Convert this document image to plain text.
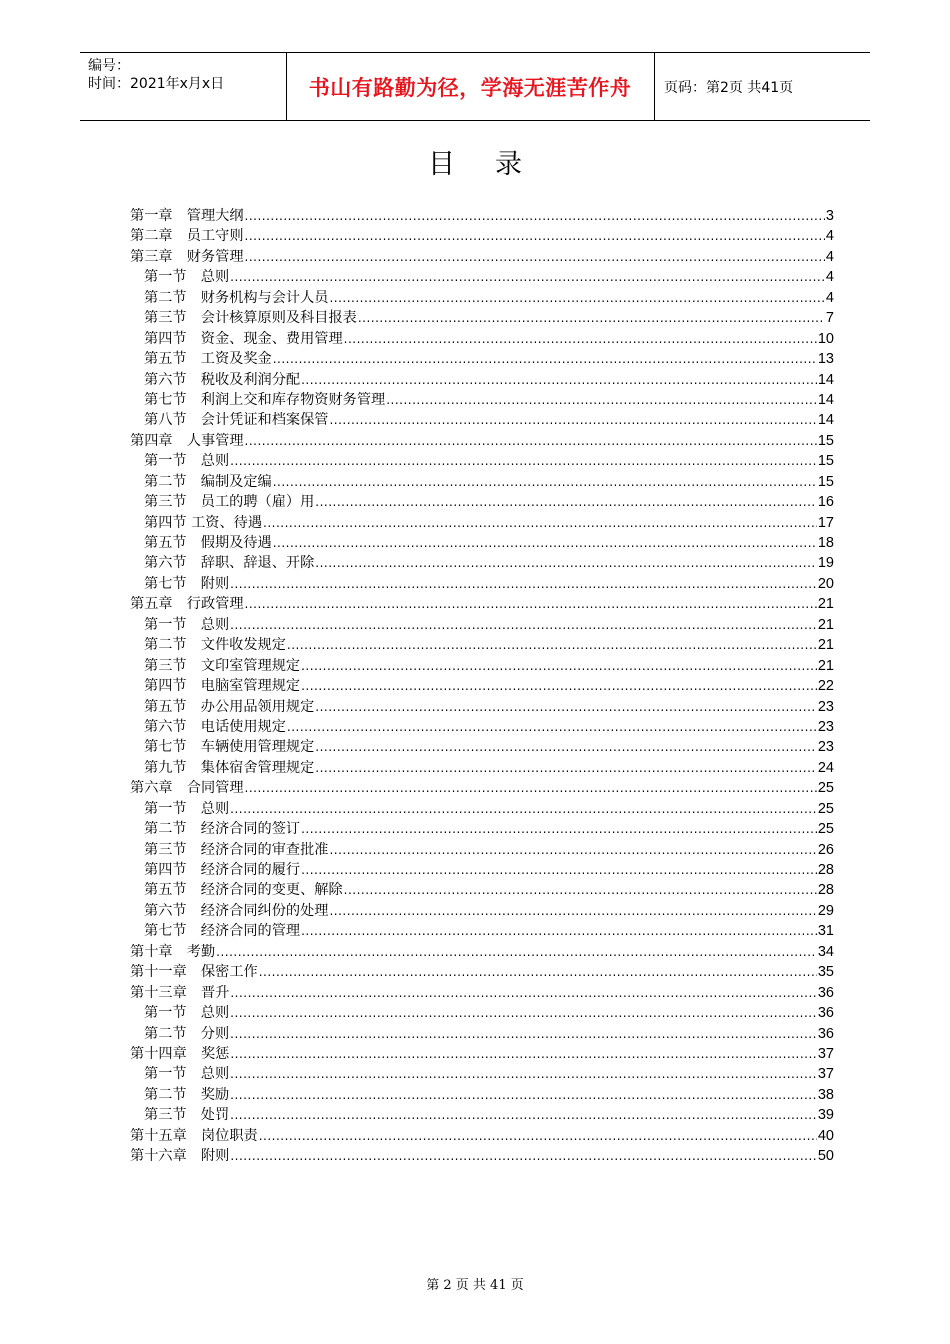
编号：
时间：2021年x月x日	书山有路勤为径，学海无涯苦作舟	页码：第2页 共41页
目录
第一章　管理大纲 .....	3
第二章　员工守则 .....	4
第三章　财务管理 .....	4
第一节　总则 .....	4
第二节　财务机构与会计人员 .....	4
第三节　会计核算原则及科目报表 .....	7
第四节　资金、现金、费用管理 .....	10
第五节　工资及奖金 .....	13
第六节　税收及利润分配 .....	14
第七节　利润上交和库存物资财务管理 .....	14
第八节　会计凭证和档案保管 .....	14
第四章　人事管理 .....	15
第一节　总则 .....	15
第二节　编制及定编 .....	15
第三节　员工的聘（雇）用 .....	16
第四节 工资、待遇 .....	17
第五节　假期及待遇 .....	18
第六节　辞职、辞退、开除 .....	19
第七节　附则 .....	20
第五章　行政管理 .....	21
第一节　总则 .....	21
第二节　文件收发规定 .....	21
第三节　文印室管理规定 .....	21
第四节　电脑室管理规定 .....	22
第五节　办公用品领用规定 .....	23
第六节　电话使用规定 .....	23
第七节　车辆使用管理规定 .....	23
第九节　集体宿舍管理规定 .....	24
第六章　合同管理 .....	25
第一节　总则 .....	25
第二节　经济合同的签订 .....	25
第三节　经济合同的审查批准 .....	26
第四节　经济合同的履行 .....	28
第五节　经济合同的变更、解除 .....	28
第六节　经济合同纠份的处理 .....	29
第七节　经济合同的管理 .....	31
第十章　考勤 .....	34
第十一章　保密工作 .....	35
第十三章　晋升 .....	36
第一节　总则 .....	36
第二节　分则 .....	36
第十四章　奖惩 .....	37
第一节　总则 .....	37
第二节　奖励 .....	38
第三节　处罚 .....	39
第十五章　岗位职责 .....	40
第十六章　附则 .....	50
第 2 页 共 41 页
